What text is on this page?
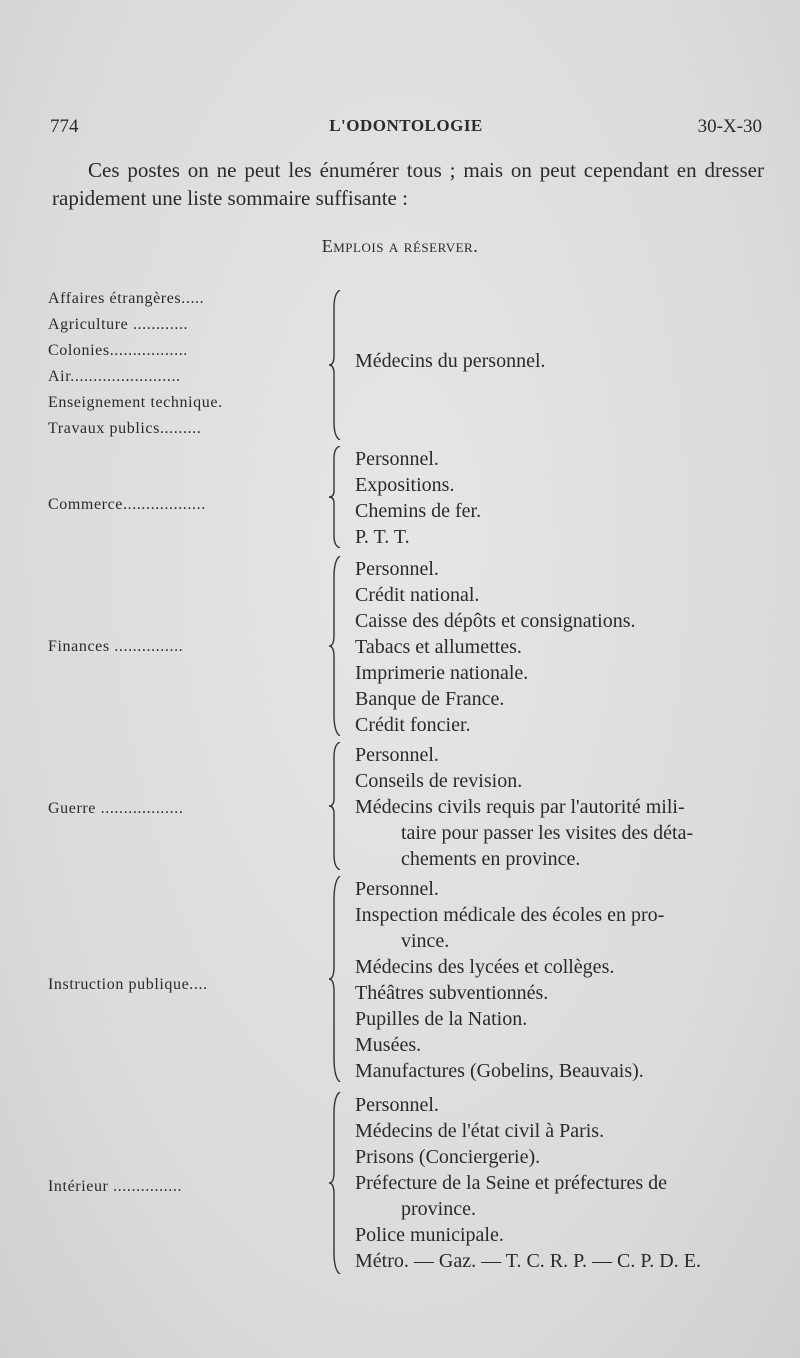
774	L'ODONTOLOGIE	30-X-30
Ces postes on ne peut les énumérer tous ; mais on peut cependant en dresser rapidement une liste sommaire suffisante :
Emplois a réserver.
Affaires étrangères.....
Agriculture ............
Colonies.................
Air........................
Enseignement technique.
Travaux publics.........
Médecins du personnel.
Commerce..................
Personnel.
Expositions.
Chemins de fer.
P. T. T.
Finances ...............
Personnel.
Crédit national.
Caisse des dépôts et consignations.
Tabacs et allumettes.
Imprimerie nationale.
Banque de France.
Crédit foncier.
Guerre ..................
Personnel.
Conseils de revision.
Médecins civils requis par l'autorité mili-
taire pour passer les visites des déta-
chements en province.
Instruction publique....
Personnel.
Inspection médicale des écoles en pro-
vince.
Médecins des lycées et collèges.
Théâtres subventionnés.
Pupilles de la Nation.
Musées.
Manufactures (Gobelins, Beauvais).
Intérieur ...............
Personnel.
Médecins de l'état civil à Paris.
Prisons (Conciergerie).
Préfecture de la Seine et préfectures de
province.
Police municipale.
Métro. — Gaz. — T. C. R. P. — C. P. D. E.
